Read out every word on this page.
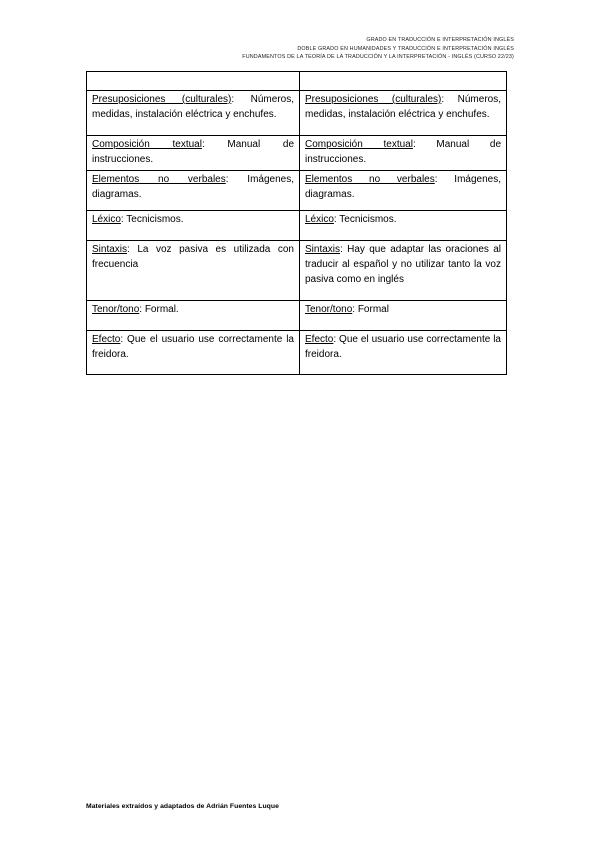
GRADO EN TRADUCCIÓN E INTERPRETACIÓN INGLÉS
DOBLE GRADO EN HUMANIDADES Y TRADUCCIÓN E INTERPRETACIÓN INGLÉS
FUNDAMENTOS DE LA TEORÍA DE LA TRADUCCIÓN Y LA INTERPRETACIÓN - INGLÉS (CURSO 22/23)

Presuposiciones (culturales): Números, medidas, instalación eléctrica y enchufes.	Presuposiciones (culturales): Números, medidas, instalación eléctrica y enchufes.
Composición textual: Manual de instrucciones.	Composición textual: Manual de instrucciones.
Elementos no verbales: Imágenes, diagramas.	Elementos no verbales: Imágenes, diagramas.
Léxico: Tecnicismos.	Léxico: Tecnicismos.
Sintaxis: La voz pasiva es utilizada con frecuencia	Sintaxis: Hay que adaptar las oraciones al traducir al español y no utilizar tanto la voz pasiva como en inglés
Tenor/tono: Formal.	Tenor/tono: Formal
Efecto: Que el usuario use correctamente la freidora.	Efecto: Que el usuario use correctamente la freidora.
Materiales extraídos y adaptados de Adrián Fuentes Luque
